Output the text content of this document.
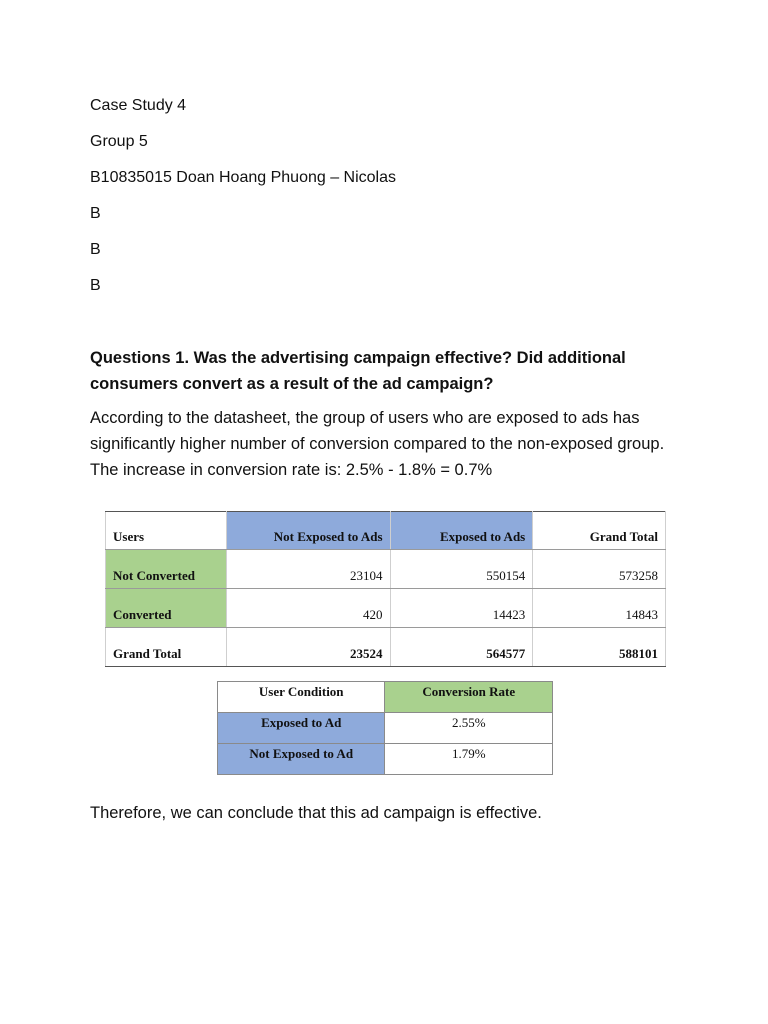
Case Study 4
Group 5
B10835015 Doan Hoang Phuong – Nicolas
B
B
B
Questions 1. Was the advertising campaign effective? Did additional consumers convert as a result of the ad campaign?
According to the datasheet, the group of users who are exposed to ads has significantly higher number of conversion compared to the non-exposed group. The increase in conversion rate is: 2.5% - 1.8% = 0.7%
Users	Not Exposed to Ads	Exposed to Ads	Grand Total
Not Converted	23104	550154	573258
Converted	420	14423	14843
Grand Total	23524	564577	588101
User Condition	Conversion Rate
Exposed to Ad	2.55%
Not Exposed to Ad	1.79%
Therefore, we can conclude that this ad campaign is effective.
